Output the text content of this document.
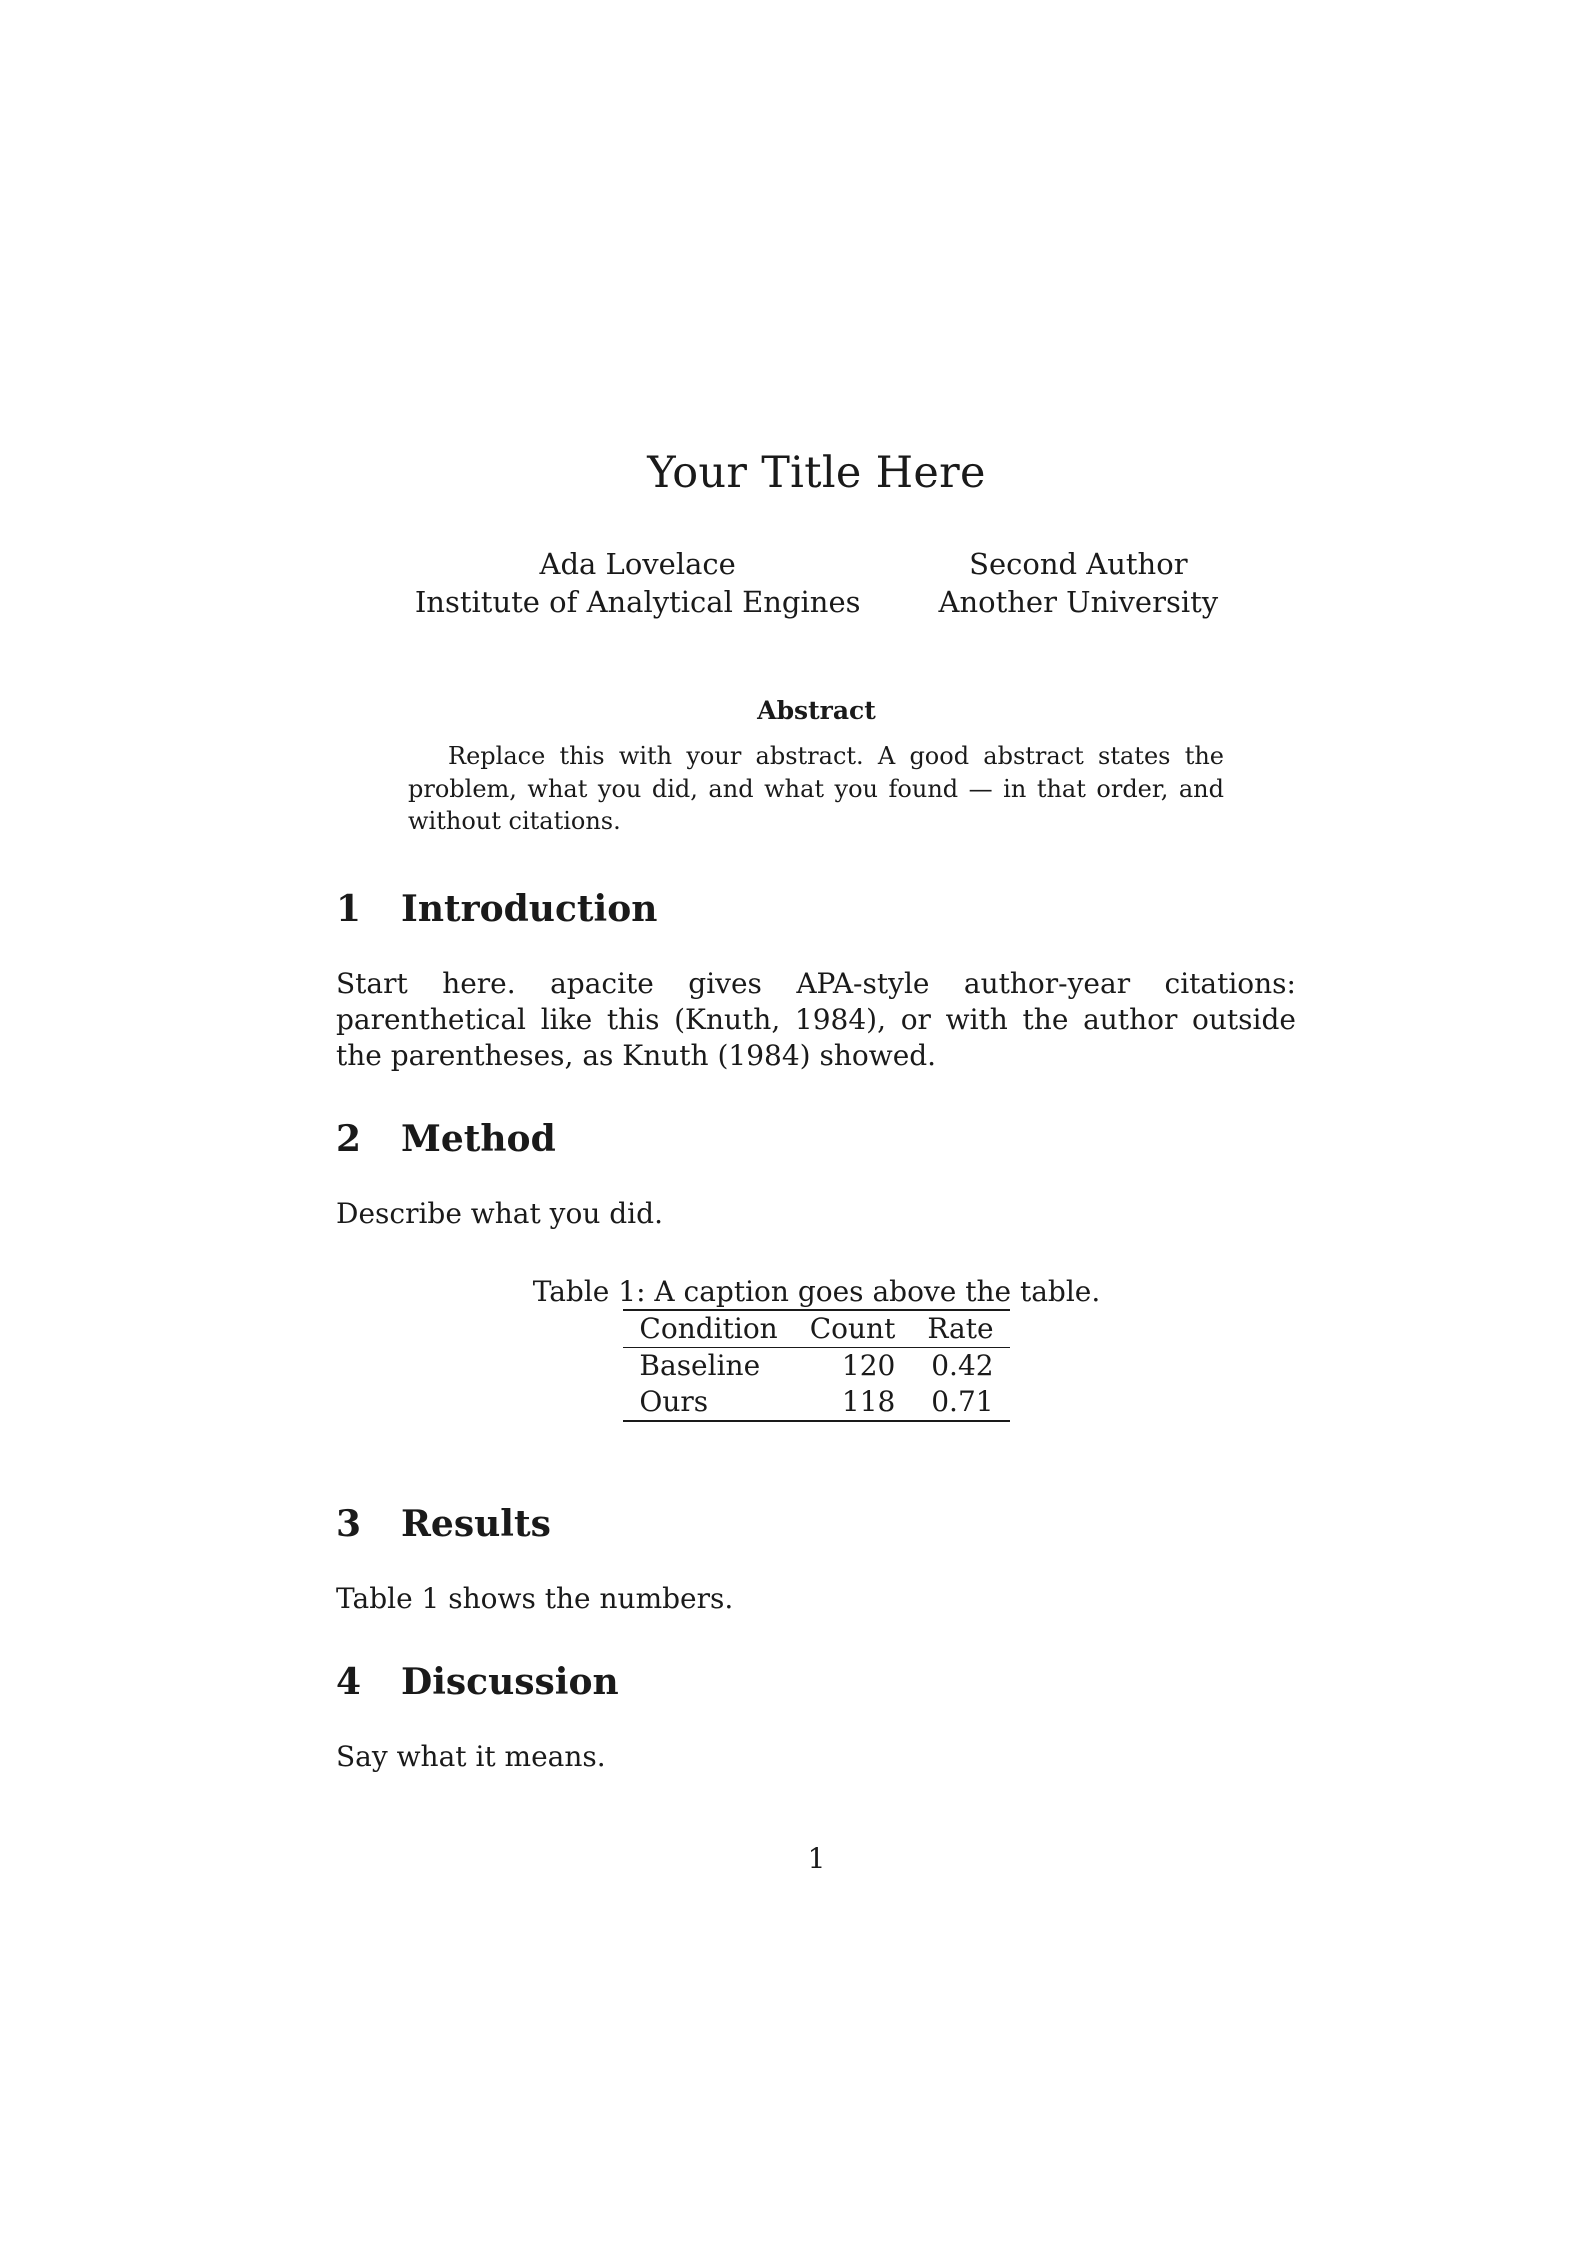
Your Title Here
Ada Lovelace
Institute of Analytical Engines
Second Author
Another University
Abstract
Replace this with your abstract. A good abstract states the problem, what you did, and what you found — in that order, and without citations.
1	Introduction
Start here. apacite gives APA-style author-year citations: parenthetical like this (Knuth, 1984), or with the author outside the parentheses, as Knuth (1984) showed.
2	Method
Describe what you did.
Table 1: A caption goes above the table.
Condition	Count	Rate
Baseline	120	0.42
Ours	118	0.71
3	Results
Table 1 shows the numbers.
4	Discussion
Say what it means.
1
